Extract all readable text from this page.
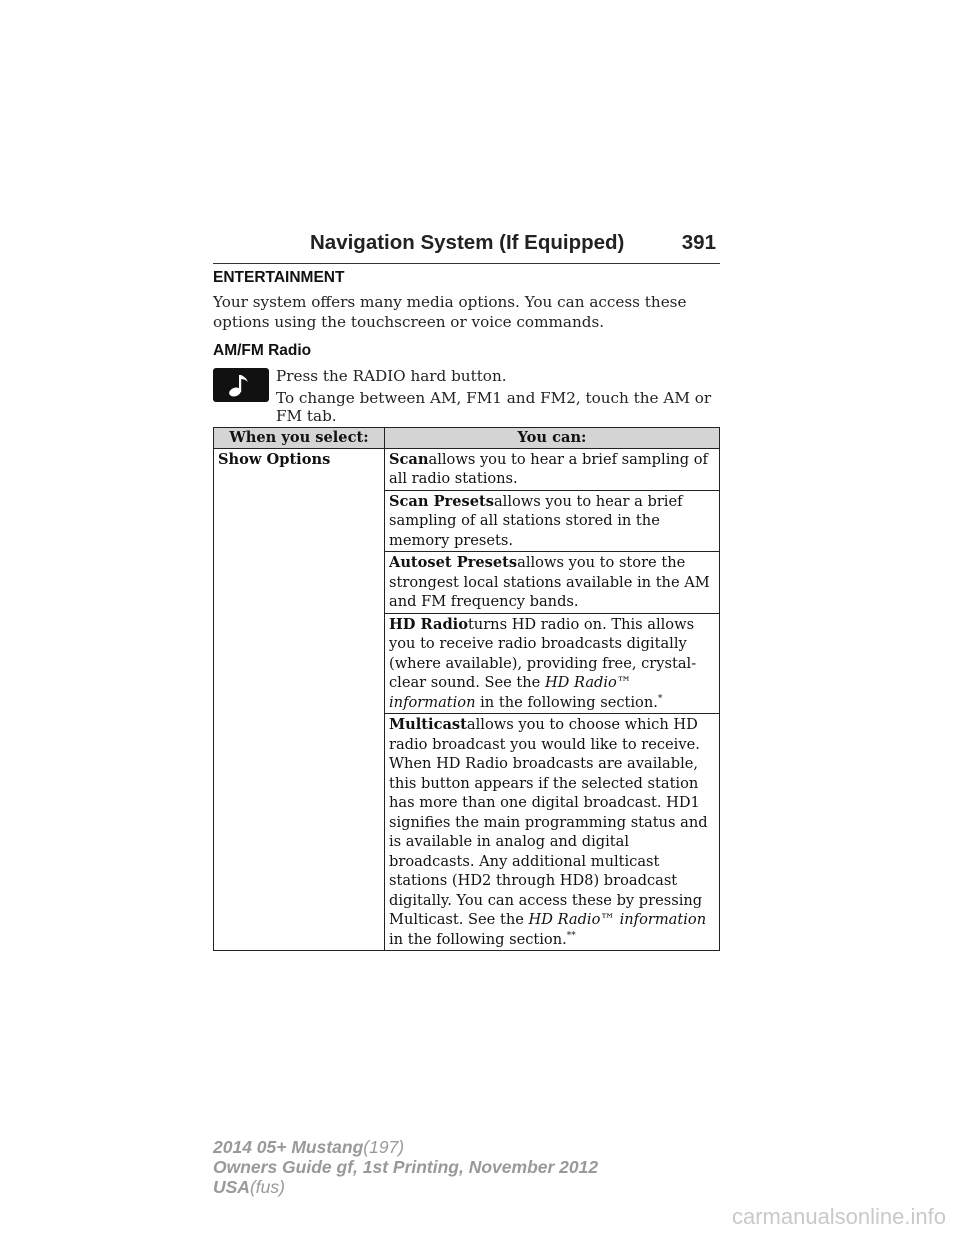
Navigation System (If Equipped)	391
ENTERTAINMENT
Your system offers many media options. You can access these options using the touchscreen or voice commands.
AM/FM Radio
Press the RADIO hard button.
To change between AM, FM1 and FM2, touch the AM or FM tab.
When you select:	You can:
Show Options	Scanallows you to hear a brief sampling of all radio stations.
	Scan Presetsallows you to hear a brief sampling of all stations stored in the memory presets.
	Autoset Presetsallows you to store the strongest local stations available in the AM and FM frequency bands.
	HD Radioturns HD radio on. This allows you to receive radio broadcasts digitally (where available), providing free, crystal-clear sound. See the HD Radio™ information in the following section.*
	Multicastallows you to choose which HD radio broadcast you would like to receive. When HD Radio broadcasts are available, this button appears if the selected station has more than one digital broadcast. HD1 signifies the main programming status and is available in analog and digital broadcasts. Any additional multicast stations (HD2 through HD8) broadcast digitally. You can access these by pressing Multicast. See the HD Radio™ information in the following section.**
2014 05+ Mustang(197)
Owners Guide gf, 1st Printing, November 2012
USA(fus)
carmanualsonline.info
